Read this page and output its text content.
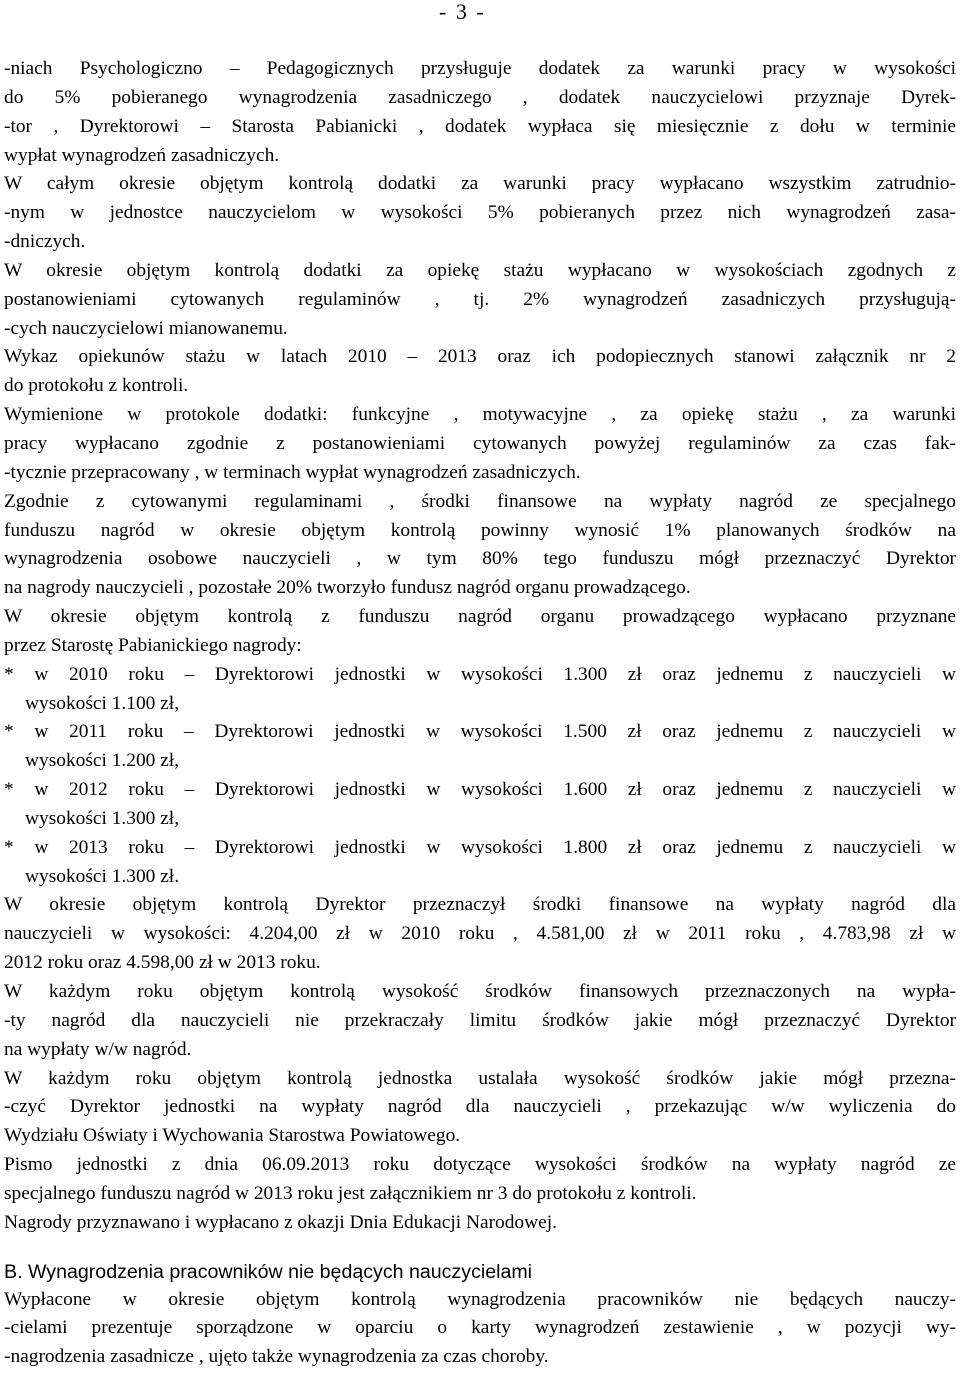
- 3 -
-niach Psychologiczno – Pedagogicznych przysługuje dodatek za warunki pracy w wysokości
do 5% pobieranego wynagrodzenia zasadniczego , dodatek nauczycielowi przyznaje Dyrek-
-tor , Dyrektorowi – Starosta Pabianicki , dodatek wypłaca się miesięcznie z dołu w terminie
wypłat wynagrodzeń zasadniczych.
W całym okresie objętym kontrolą dodatki za warunki pracy wypłacano wszystkim zatrudnio-
-nym w jednostce nauczycielom w wysokości 5% pobieranych przez nich wynagrodzeń zasa-
-dniczych.
W okresie objętym kontrolą dodatki za opiekę stażu wypłacano w wysokościach zgodnych z
postanowieniami cytowanych regulaminów , tj. 2% wynagrodzeń zasadniczych przysługują-
-cych nauczycielowi mianowanemu.
Wykaz opiekunów stażu w latach 2010 – 2013 oraz ich podopiecznych stanowi załącznik nr 2
do protokołu z kontroli.
Wymienione w protokole dodatki: funkcyjne , motywacyjne , za opiekę stażu , za warunki
pracy wypłacano zgodnie z postanowieniami cytowanych powyżej regulaminów za czas fak-
-tycznie przepracowany , w terminach wypłat wynagrodzeń zasadniczych.
Zgodnie z cytowanymi regulaminami , środki finansowe na wypłaty nagród ze specjalnego
funduszu nagród w okresie objętym kontrolą powinny wynosić 1% planowanych środków na
wynagrodzenia osobowe nauczycieli , w tym 80% tego funduszu mógł przeznaczyć Dyrektor
na nagrody nauczycieli , pozostałe 20% tworzyło fundusz nagród organu prowadzącego.
W okresie objętym kontrolą z funduszu nagród organu prowadzącego wypłacano przyznane
przez Starostę Pabianickiego nagrody:
* w 2010 roku – Dyrektorowi jednostki w wysokości 1.300 zł oraz jednemu z nauczycieli w
wysokości 1.100 zł,
* w 2011 roku – Dyrektorowi jednostki w wysokości 1.500 zł oraz jednemu z nauczycieli w
wysokości 1.200 zł,
* w 2012 roku – Dyrektorowi jednostki w wysokości 1.600 zł oraz jednemu z nauczycieli w
wysokości 1.300 zł,
* w 2013 roku – Dyrektorowi jednostki w wysokości 1.800 zł oraz jednemu z nauczycieli w
wysokości 1.300 zł.
W okresie objętym kontrolą Dyrektor przeznaczył środki finansowe na wypłaty nagród dla
nauczycieli w wysokości: 4.204,00 zł w 2010 roku , 4.581,00 zł w 2011 roku , 4.783,98 zł w
2012 roku oraz 4.598,00 zł w 2013 roku.
W każdym roku objętym kontrolą wysokość środków finansowych przeznaczonych na wypła-
-ty nagród dla nauczycieli nie przekraczały limitu środków jakie mógł przeznaczyć Dyrektor
na wypłaty w/w nagród.
W każdym roku objętym kontrolą jednostka ustalała wysokość środków jakie mógł przezna-
-czyć Dyrektor jednostki na wypłaty nagród dla nauczycieli , przekazując w/w wyliczenia do
Wydziału Oświaty i Wychowania Starostwa Powiatowego.
Pismo jednostki z dnia 06.09.2013 roku dotyczące wysokości środków na wypłaty nagród ze
specjalnego funduszu nagród w 2013 roku jest załącznikiem nr 3 do protokołu z kontroli.
Nagrody przyznawano i wypłacano z okazji Dnia Edukacji Narodowej.
B. Wynagrodzenia pracowników nie będących nauczycielami
Wypłacone w okresie objętym kontrolą wynagrodzenia pracowników nie będących nauczy-
-cielami prezentuje sporządzone w oparciu o karty wynagrodzeń zestawienie , w pozycji wy-
-nagrodzenia zasadnicze , ujęto także wynagrodzenia za czas choroby.
